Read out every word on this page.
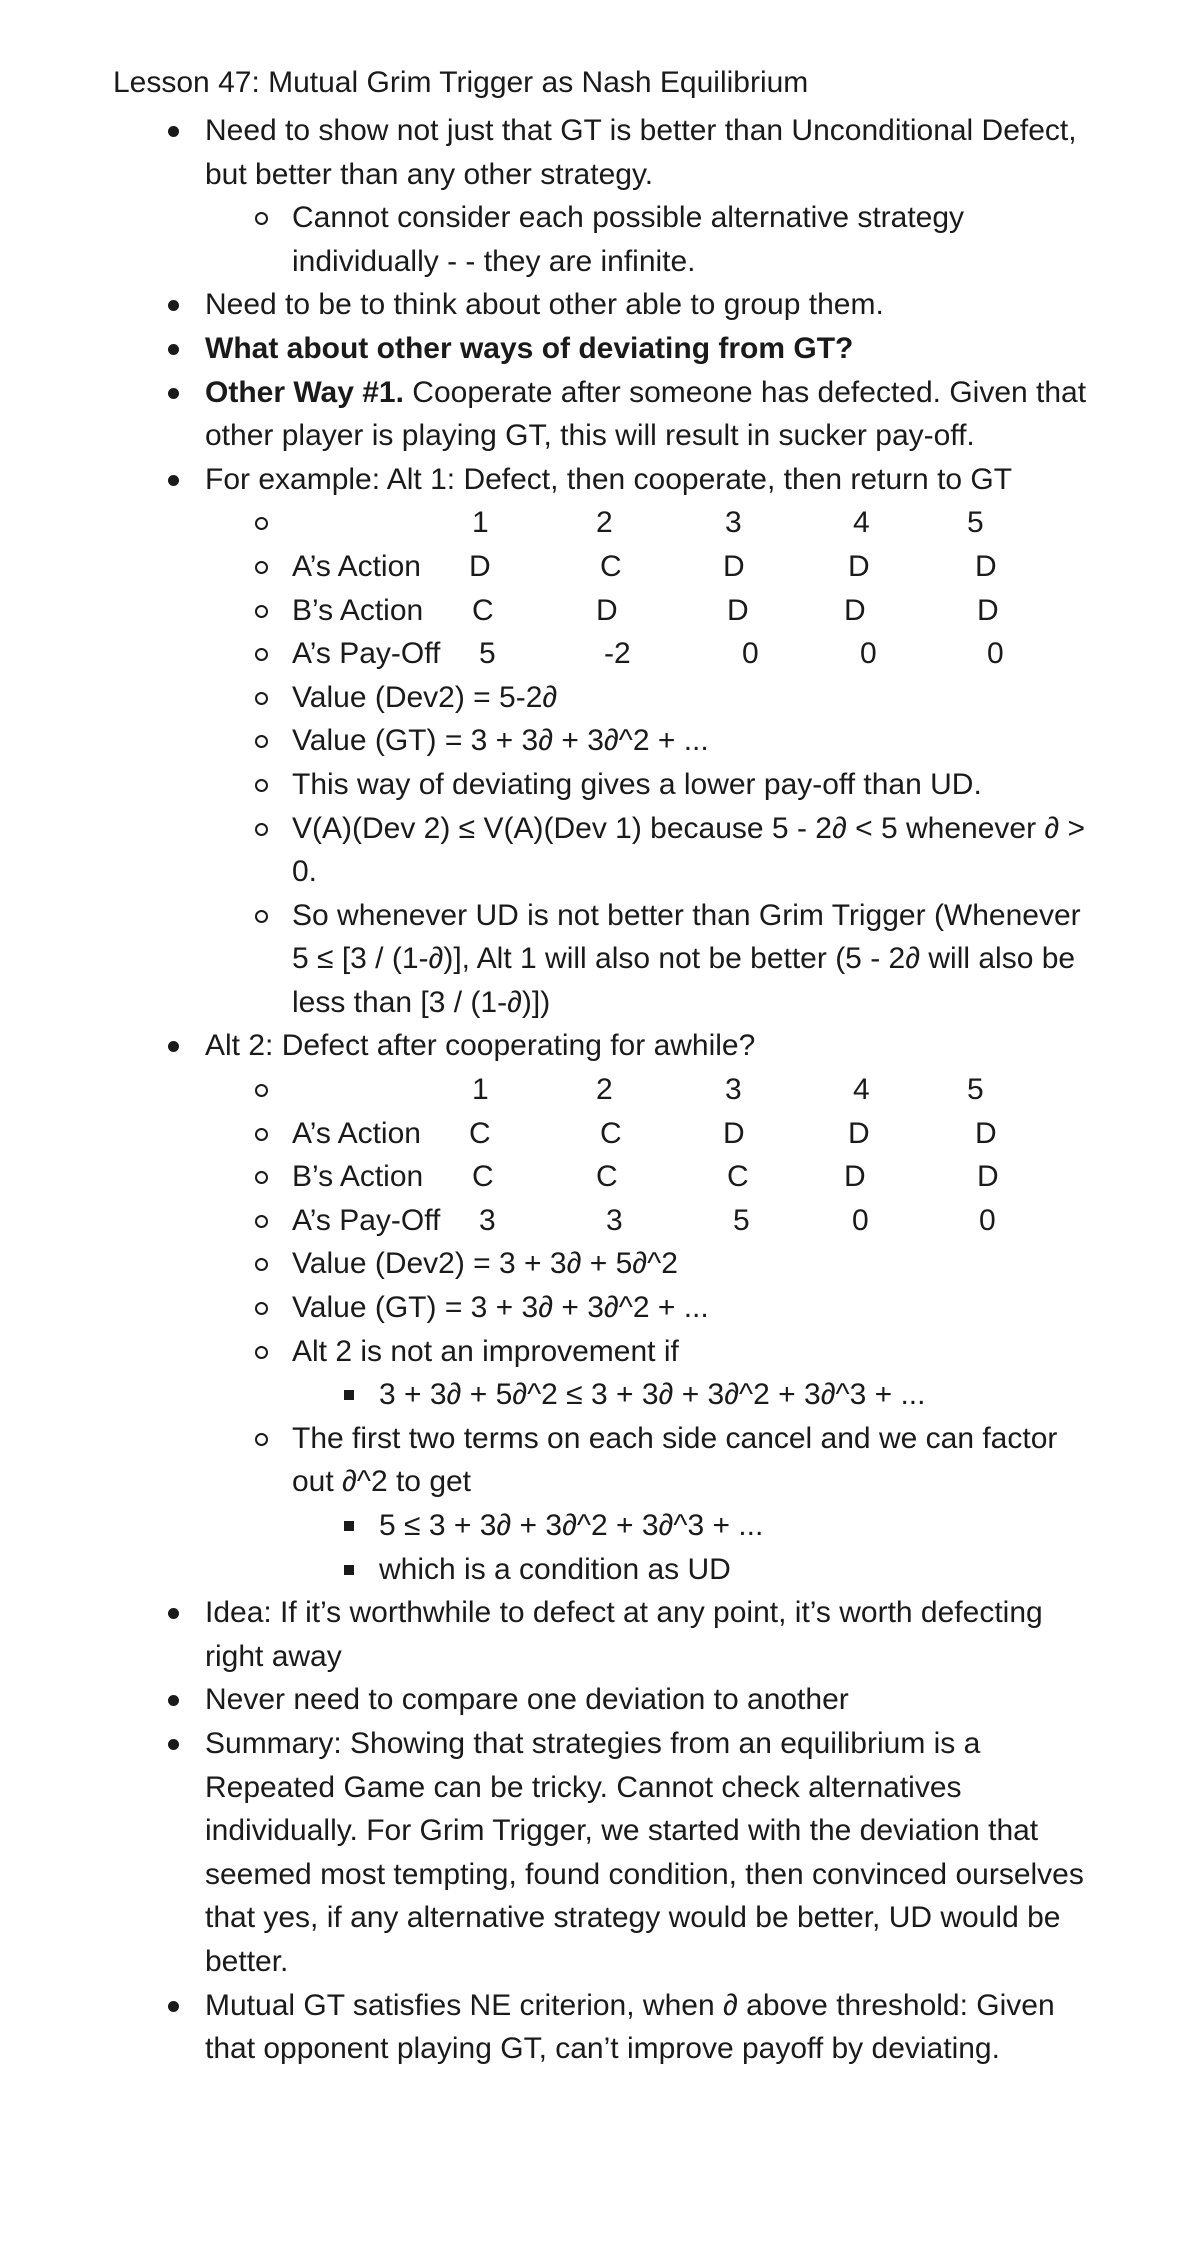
Lesson 47: Mutual Grim Trigger as Nash Equilibrium
Need to show not just that GT is better than Unconditional Defect, but better than any other strategy.
Cannot consider each possible alternative strategy individually - - they are infinite.
Need to be to think about other able to group them.
What about other ways of deviating from GT?
Other Way #1. Cooperate after someone has defected. Given that other player is playing GT, this will result in sucker pay-off.
For example: Alt 1: Defect, then cooperate, then return to GT
1	2	3	4	5
A’s Action D	C	D	D	D
B’s Action C	D	D	D	D
A’s Pay-Off 5	-2	0	0	0
Value (Dev2) = 5-2∂
Value (GT) = 3 + 3∂ + 3∂^2 + ...
This way of deviating gives a lower pay-off than UD.
V(A)(Dev 2) ≤ V(A)(Dev 1) because 5 - 2∂ < 5 whenever ∂ > 0.
So whenever UD is not better than Grim Trigger (Whenever 5 ≤ [3 / (1-∂)], Alt 1 will also not be better (5 - 2∂ will also be less than [3 / (1-∂)])
Alt 2: Defect after cooperating for awhile?
1	2	3	4	5
A’s Action C	C	D	D	D
B’s Action C	C	C	D	D
A’s Pay-Off 3	3	5	0	0
Value (Dev2) = 3 + 3∂ + 5∂^2
Value (GT) = 3 + 3∂ + 3∂^2 + ...
Alt 2 is not an improvement if
3 + 3∂ + 5∂^2 ≤ 3 + 3∂ + 3∂^2 + 3∂^3 + ...
The first two terms on each side cancel and we can factor out ∂^2 to get
5 ≤ 3 + 3∂ + 3∂^2 + 3∂^3 + ...
which is a condition as UD
Idea: If it’s worthwhile to defect at any point, it’s worth defecting right away
Never need to compare one deviation to another
Summary: Showing that strategies from an equilibrium is a Repeated Game can be tricky. Cannot check alternatives individually. For Grim Trigger, we started with the deviation that seemed most tempting, found condition, then convinced ourselves that yes, if any alternative strategy would be better, UD would be better.
Mutual GT satisfies NE criterion, when ∂ above threshold: Given that opponent playing GT, can’t improve payoff by deviating.
